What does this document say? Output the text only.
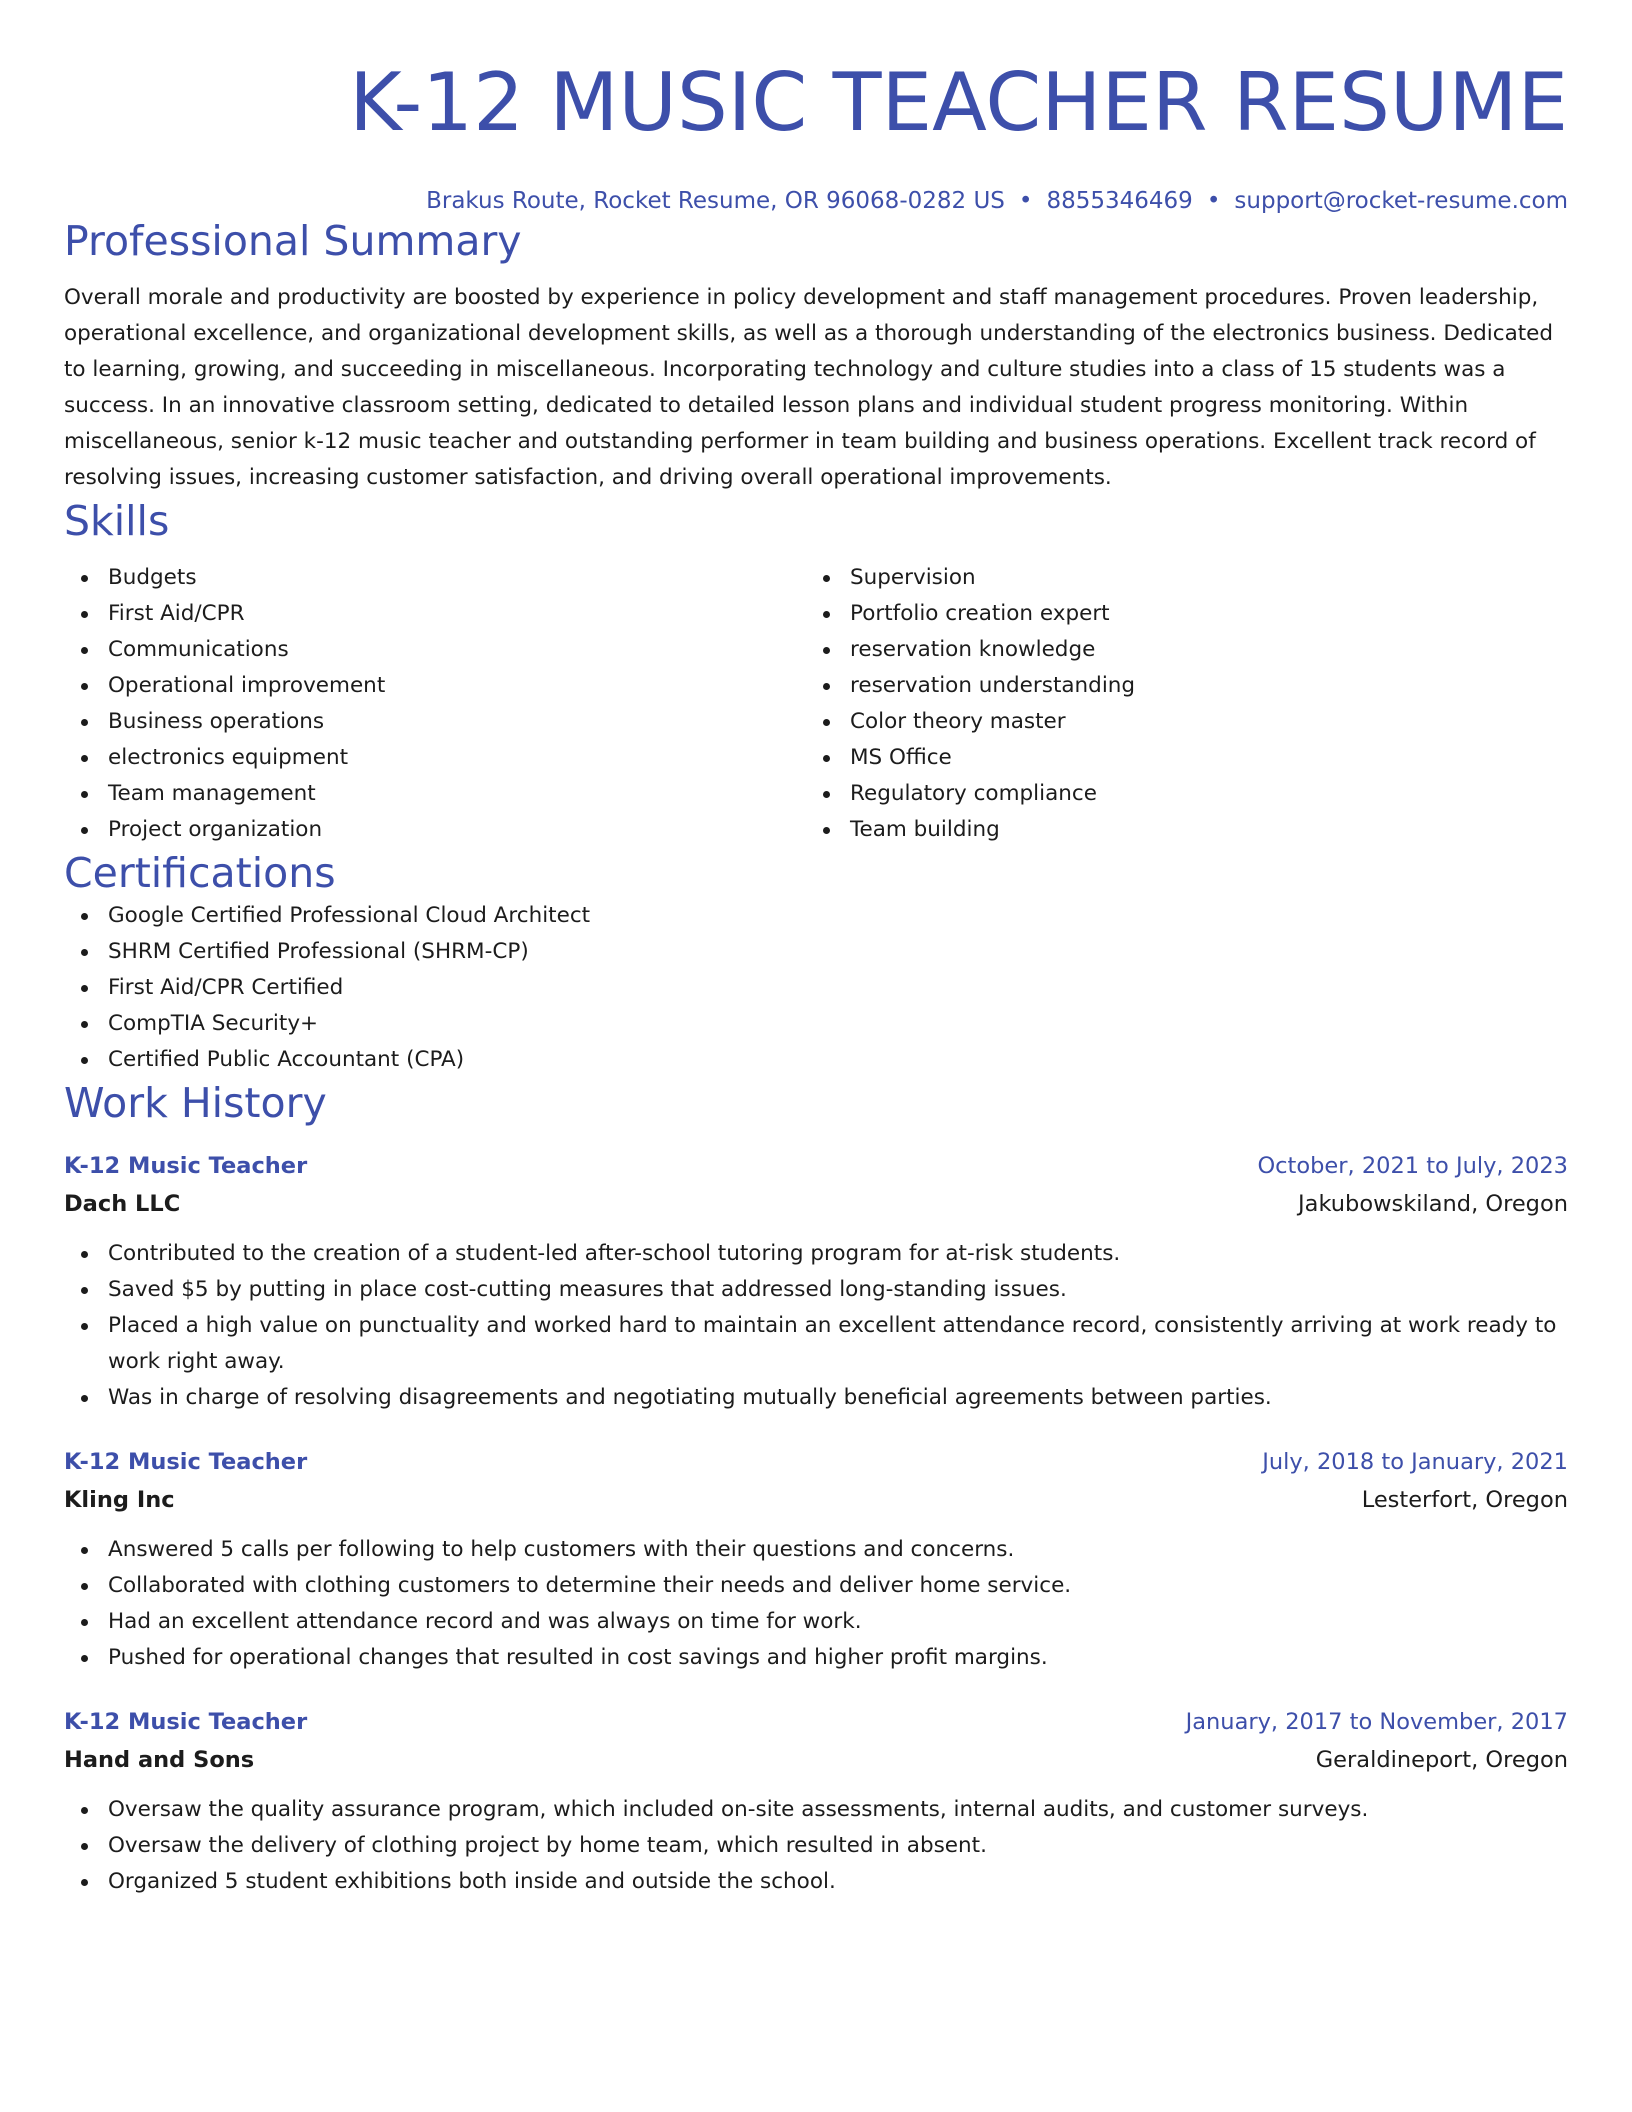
K-12 MUSIC TEACHER RESUME
Brakus Route, Rocket Resume, OR 96068-0282 US • 8855346469 • support@rocket-resume.com
Professional Summary

Overall morale and productivity are boosted by experience in policy development and staff management procedures. Proven leadership, operational excellence, and organizational development skills, as well as a thorough understanding of the electronics business. Dedicated to learning, growing, and succeeding in miscellaneous. Incorporating technology and culture studies into a class of 15 students was a success. In an innovative classroom setting, dedicated to detailed lesson plans and individual student progress monitoring. Within miscellaneous, senior k-12 music teacher and outstanding performer in team building and business operations. Excellent track record of resolving issues, increasing customer satisfaction, and driving overall operational improvements.

Skills
Budgets
First Aid/CPR
Communications
Operational improvement
Business operations
electronics equipment
Team management
Project organization
Supervision
Portfolio creation expert
reservation knowledge
reservation understanding
Color theory master
MS Office
Regulatory compliance
Team building
Certifications
Google Certified Professional Cloud Architect
SHRM Certified Professional (SHRM-CP)
First Aid/CPR Certified
CompTIA Security+
Certified Public Accountant (CPA)
Work History
K-12 Music Teacher	October, 2021 to July, 2023
Dach LLC	Jakubowskiland, Oregon
Contributed to the creation of a student-led after-school tutoring program for at-risk students.
Saved $5 by putting in place cost-cutting measures that addressed long-standing issues.
Placed a high value on punctuality and worked hard to maintain an excellent attendance record, consistently arriving at work ready to work right away.
Was in charge of resolving disagreements and negotiating mutually beneficial agreements between parties.
K-12 Music Teacher	July, 2018 to January, 2021
Kling Inc	Lesterfort, Oregon
Answered 5 calls per following to help customers with their questions and concerns.
Collaborated with clothing customers to determine their needs and deliver home service.
Had an excellent attendance record and was always on time for work.
Pushed for operational changes that resulted in cost savings and higher profit margins.
K-12 Music Teacher	January, 2017 to November, 2017
Hand and Sons	Geraldineport, Oregon
Oversaw the quality assurance program, which included on-site assessments, internal audits, and customer surveys.
Oversaw the delivery of clothing project by home team, which resulted in absent.
Organized 5 student exhibitions both inside and outside the school.
